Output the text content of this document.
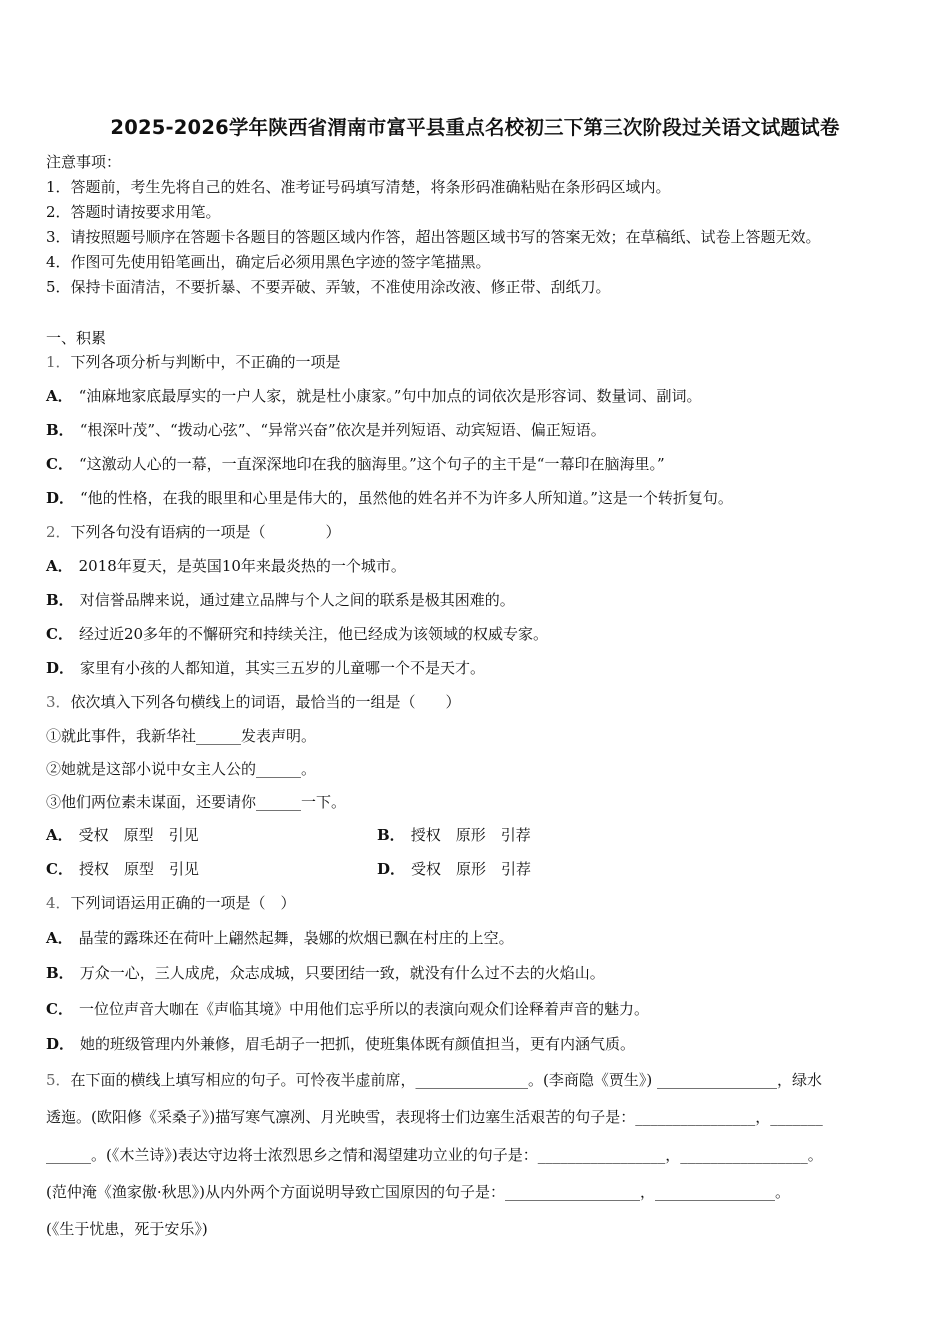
2025-2026学年陕西省渭南市富平县重点名校初三下第三次阶段过关语文试题试卷
注意事项：
1．答题前，考生先将自己的姓名、准考证号码填写清楚，将条形码准确粘贴在条形码区域内。
2．答题时请按要求用笔。
3．请按照题号顺序在答题卡各题目的答题区域内作答，超出答题区域书写的答案无效；在草稿纸、试卷上答题无效。
4．作图可先使用铅笔画出，确定后必须用黑色字迹的签字笔描黑。
5．保持卡面清洁，不要折暴、不要弄破、弄皱，不准使用涂改液、修正带、刮纸刀。
一、积累
1．下列各项分析与判断中，不正确的一项是
A． “油麻地家底最厚实的一户人家，就是杜小康家。”句中加点的词依次是形容词、数量词、副词。
B． “根深叶茂”、“拨动心弦”、“异常兴奋”依次是并列短语、动宾短语、偏正短语。
C． “这激动人心的一幕，一直深深地印在我的脑海里。”这个句子的主干是“一幕印在脑海里。”
D． “他的性格，在我的眼里和心里是伟大的，虽然他的姓名并不为许多人所知道。”这是一个转折复句。
2．下列各句没有语病的一项是（　　　　）
A． 2018年夏天，是英国10年来最炎热的一个城市。
B． 对信誉品牌来说，通过建立品牌与个人之间的联系是极其困难的。
C． 经过近20多年的不懈研究和持续关注，他已经成为该领域的权威专家。
D． 家里有小孩的人都知道，其实三五岁的儿童哪一个不是天才。
3．依次填入下列各句横线上的词语，最恰当的一组是（　　）
①就此事件，我新华社______发表声明。
②她就是这部小说中女主人公的______。
③他们两位素未谋面，还要请你______一下。
A． 受权　原型　引见	B． 授权　原形　引荐
C． 授权　原型　引见	D． 受权　原形　引荐
4．下列词语运用正确的一项是（　）
A． 晶莹的露珠还在荷叶上翩然起舞，袅娜的炊烟已飘在村庄的上空。
B． 万众一心，三人成虎，众志成城，只要团结一致，就没有什么过不去的火焰山。
C． 一位位声音大咖在《声临其境》中用他们忘乎所以的表演向观众们诠释着声音的魅力。
D． 她的班级管理内外兼修，眉毛胡子一把抓，使班集体既有颜值担当，更有内涵气质。
5．在下面的横线上填写相应的句子。可怜夜半虚前席，_______________。(李商隐《贾生》) ________________，绿水
透迤。(欧阳修《采桑子》)描写寒气凛冽、月光映雪，表现将士们边塞生活艰苦的句子是：________________，_______
______。(《木兰诗》)表达守边将士浓烈思乡之情和渴望建功立业的句子是：_________________，_________________。
(范仲淹《渔家傲·秋思》)从内外两个方面说明导致亡国原因的句子是：__________________，________________。
(《生于忧患，死于安乐》)
